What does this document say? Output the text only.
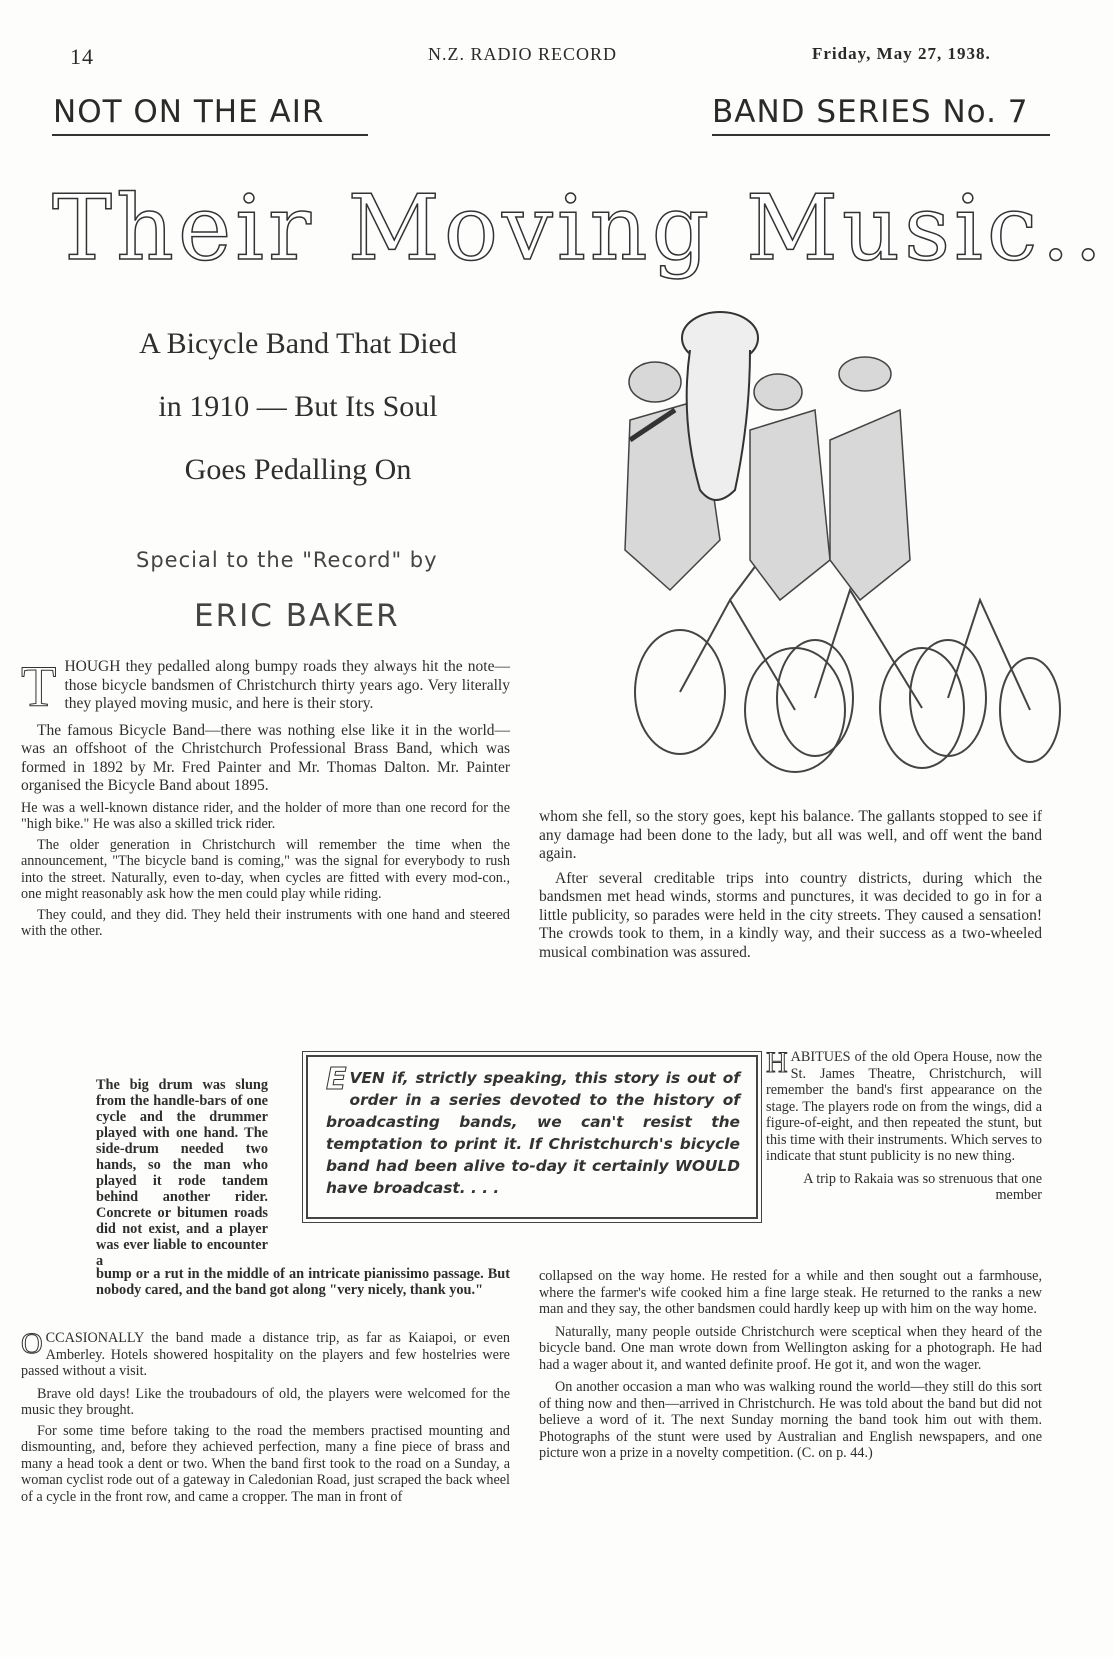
14	N.Z. RADIO RECORD	Friday, May 27, 1938.
NOT ON THE AIR	BAND SERIES No. 7
Their Moving Music..
A Bicycle Band That Died
in 1910 — But Its Soul
Goes Pedalling On
Special to the "Record" by
ERIC BAKER

THOUGH they pedalled along bumpy roads they always hit the note—those bicycle bandsmen of Christchurch thirty years ago. Very literally they played moving music, and here is their story.

The famous Bicycle Band—there was nothing else like it in the world—was an offshoot of the Christchurch Professional Brass Band, which was formed in 1892 by Mr. Fred Painter and Mr. Thomas Dalton. Mr. Painter organised the Bicycle Band about 1895.

He was a well-known distance rider, and the holder of more than one record for the "high bike." He was also a skilled trick rider.

The older generation in Christchurch will remember the time when the announcement, "The bicycle band is coming," was the signal for everybody to rush into the street. Naturally, even to-day, when cycles are fitted with every mod-con., one might reasonably ask how the men could play while riding.

They could, and they did. They held their instruments with one hand and steered with the other.

The big drum was slung from the handle-bars of one cycle and the drummer played with one hand. The side-drum needed two hands, so the man who played it rode tandem behind another rider. Concrete or bitumen roads did not exist, and a player was ever liable to encounter a
bump or a rut in the middle of an intricate pianissimo passage. But nobody cared, and the band got along "very nicely, thank you."

OCCASIONALLY the band made a distance trip, as far as Kaiapoi, or even Amberley. Hotels showered hospitality on the players and few hostelries were passed without a visit.

Brave old days! Like the troubadours of old, the players were welcomed for the music they brought.

For some time before taking to the road the members practised mounting and dismounting, and, before they achieved perfection, many a fine piece of brass and many a head took a dent or two. When the band first took to the road on a Sunday, a woman cyclist rode out of a gateway in Caledonian Road, just scraped the back wheel of a cycle in the front row, and came a cropper. The man in front of

whom she fell, so the story goes, kept his balance. The gallants stopped to see if any damage had been done to the lady, but all was well, and off went the band again.

After several creditable trips into country districts, during which the bandsmen met head winds, storms and punctures, it was decided to go in for a little publicity, so parades were held in the city streets. They caused a sensation! The crowds took to them, in a kindly way, and their success as a two-wheeled musical combination was assured.

HABITUES of the old Opera House, now the St. James Theatre, Christchurch, will remember the band's first appearance on the stage. The players rode on from the wings, did a figure-of-eight, and then repeated the stunt, but this time with their instruments. Which serves to indicate that stunt publicity is no new thing.

A trip to Rakaia was so strenuous that one member

collapsed on the way home. He rested for a while and then sought out a farmhouse, where the farmer's wife cooked him a fine large steak. He returned to the ranks a new man and they say, the other bandsmen could hardly keep up with him on the way home.

Naturally, many people outside Christchurch were sceptical when they heard of the bicycle band. One man wrote down from Wellington asking for a photograph. He had had a wager about it, and wanted definite proof. He got it, and won the wager.

On another occasion a man who was walking round the world—they still do this sort of thing now and then—arrived in Christchurch. He was told about the band but did not believe a word of it. The next Sunday morning the band took him out with them. Photographs of the stunt were used by Australian and English newspapers, and one picture won a prize in a novelty competition. (C. on p. 44.)

EVEN if, strictly speaking, this story is out of order in a series devoted to the history of broadcasting bands, we can't resist the temptation to print it. If Christchurch's bicycle band had been alive to-day it certainly WOULD have broadcast. . . .
